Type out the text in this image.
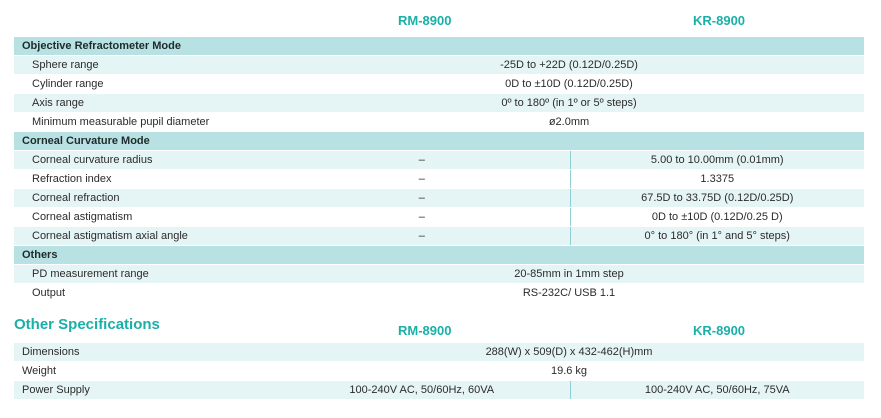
RM-8900	KR-8900
Objective Refractometer Mode		
Sphere range	-25D to +22D (0.12D/0.25D)	
Cylinder range	0D to ±10D (0.12D/0.25D)	
Axis range	0º to 180º (in 1º or 5º steps)	
Minimum measurable pupil diameter	ø2.0mm	
Corneal Curvature Mode		
Corneal curvature radius	–	5.00 to 10.00mm (0.01mm)
Refraction index	–	1.3375
Corneal refraction	–	67.5D to 33.75D (0.12D/0.25D)
Corneal astigmatism	–	0D to ±10D (0.12D/0.25 D)
Corneal astigmatism axial angle	–	0° to 180° (in 1° and 5° steps)
Others		
PD measurement range	20-85mm in 1mm step	
Output	RS-232C/ USB 1.1	
Other Specifications	RM-8900	KR-8900
Dimensions	288(W) x 509(D) x 432-462(H)mm	
Weight	19.6 kg	
Power Supply	100-240V AC, 50/60Hz, 60VA	100-240V AC, 50/60Hz, 75VA
